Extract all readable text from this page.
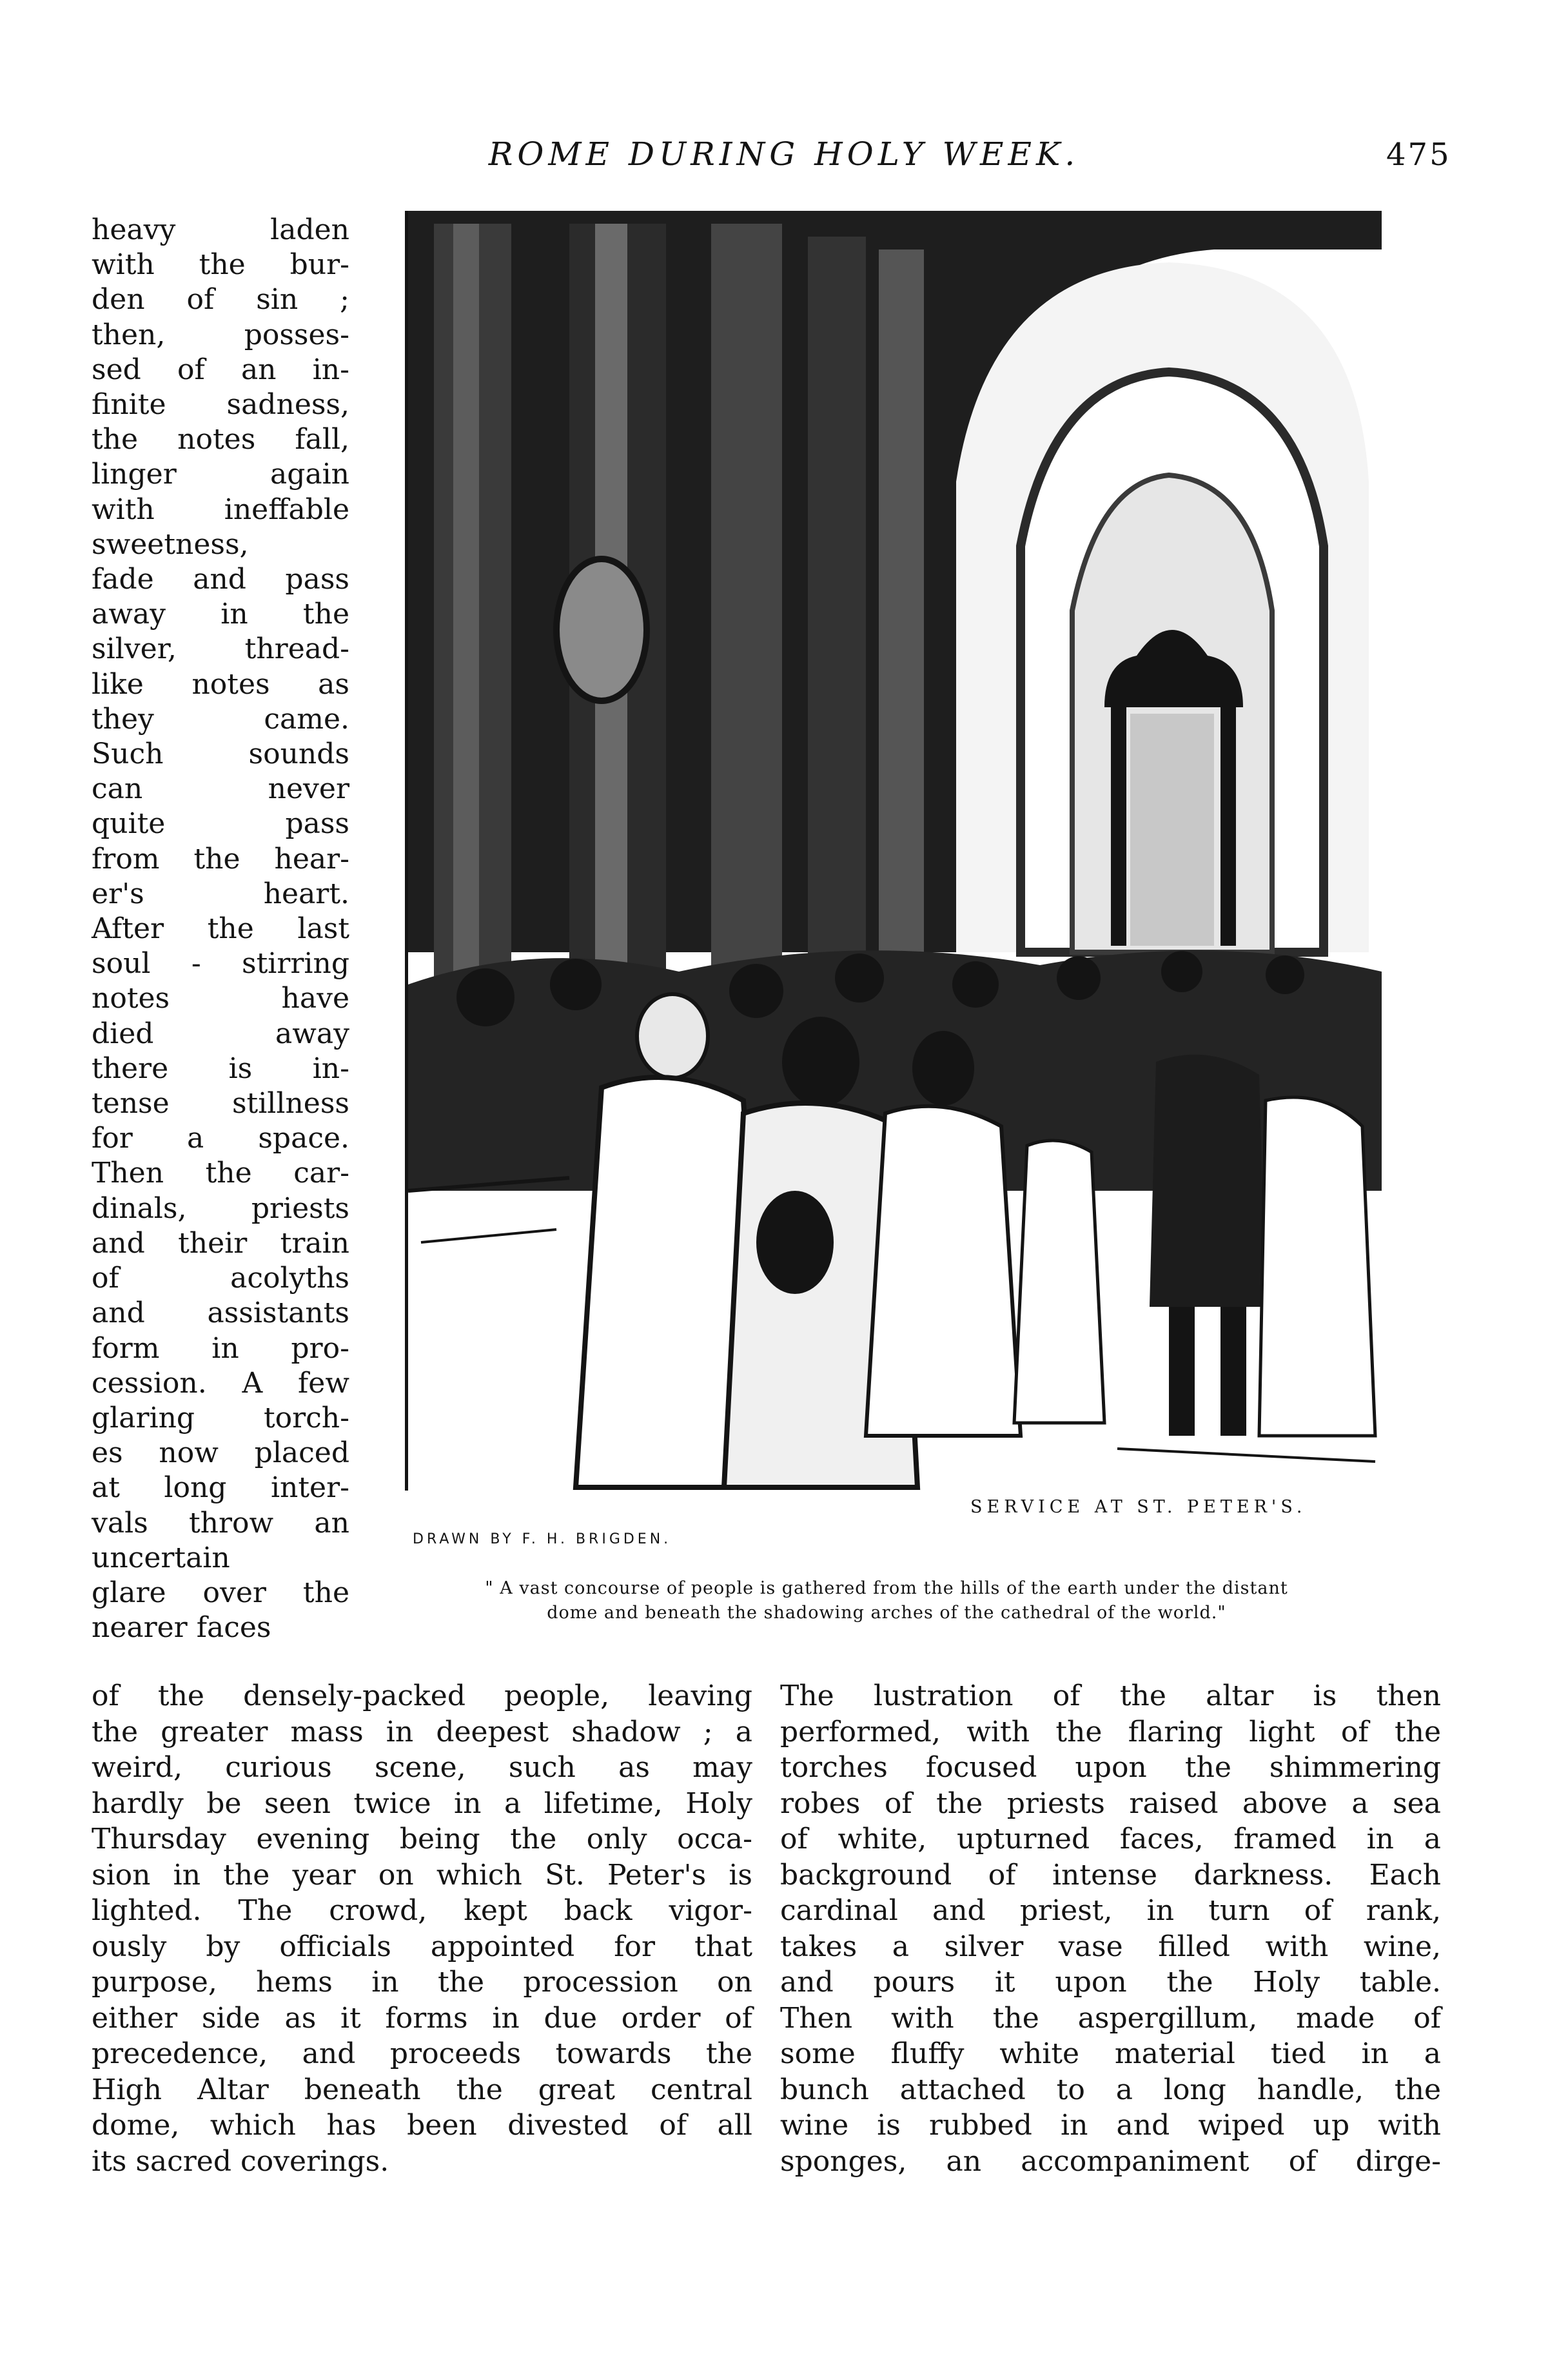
ROME DURING HOLY WEEK.	475
heavy laden
with the bur-
den of sin ;
then, posses-
sed of an in-
finite sadness,
the notes fall,
linger again
with ineffable
sweetness,
fade and pass
away in the
silver, thread-
like notes as
they came.
Such sounds
can never
quite pass
from the hear-
er's heart.
After the last
soul - stirring
notes have
died away
there is in-
tense stillness
for a space.
Then the car-
dinals, priests
and their train
of acolyths
and assistants
form in pro-
cession. A few
glaring torch-
es now placed
at long inter-
vals throw an
uncertain
glare over the
nearer faces
SERVICE AT ST. PETER'S.
DRAWN BY F. H. BRIGDEN.
" A vast concourse of people is gathered from the hills of the earth under the distant
dome and beneath the shadowing arches of the cathedral of the world."
of the densely-packed people, leaving
the greater mass in deepest shadow ; a
weird, curious scene, such as may
hardly be seen twice in a lifetime, Holy
Thursday evening being the only occa-
sion in the year on which St. Peter's is
lighted. The crowd, kept back vigor-
ously by officials appointed for that
purpose, hems in the procession on
either side as it forms in due order of
precedence, and proceeds towards the
High Altar beneath the great central
dome, which has been divested of all
its sacred coverings.
The lustration of the altar is then
performed, with the flaring light of the
torches focused upon the shimmering
robes of the priests raised above a sea
of white, upturned faces, framed in a
background of intense darkness. Each
cardinal and priest, in turn of rank,
takes a silver vase filled with wine,
and pours it upon the Holy table.
Then with the aspergillum, made of
some fluffy white material tied in a
bunch attached to a long handle, the
wine is rubbed in and wiped up with
sponges, an accompaniment of dirge-
